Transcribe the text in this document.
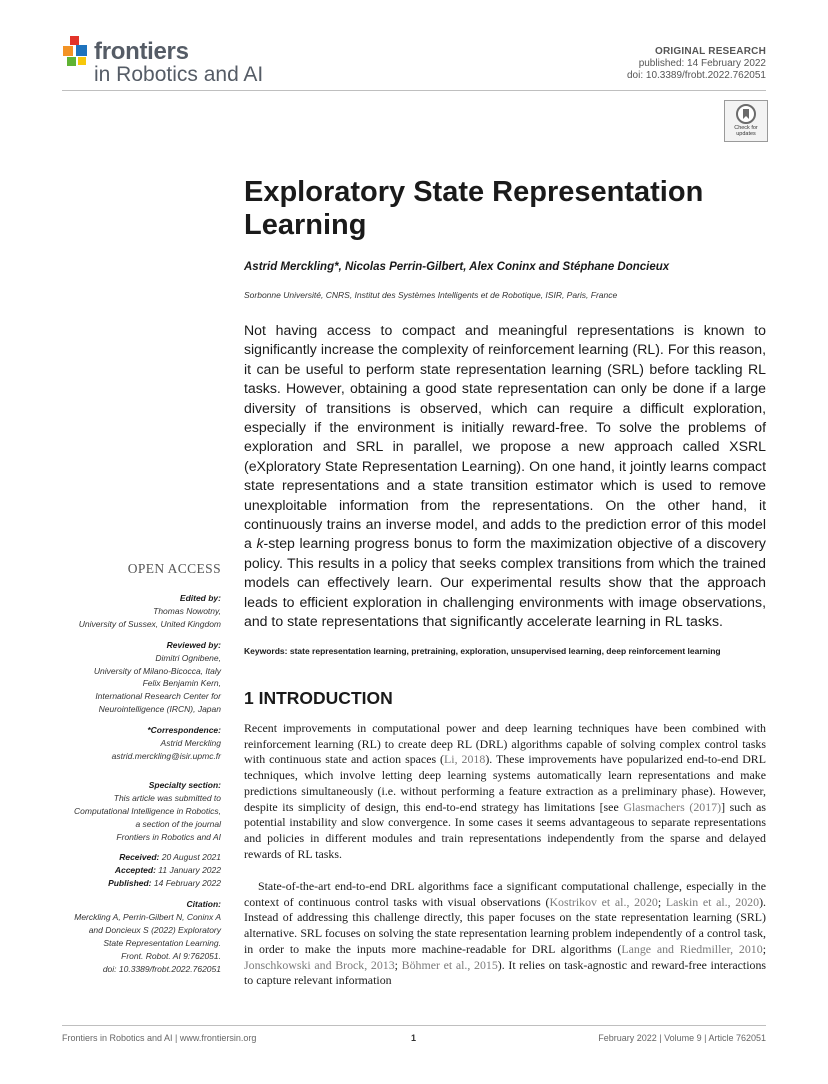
frontiers
in Robotics and AI
ORIGINAL RESEARCH
published: 14 February 2022
doi: 10.3389/frobt.2022.762051
Check for updates
Exploratory State Representation Learning
Astrid Merckling*, Nicolas Perrin-Gilbert, Alex Coninx and Stéphane Doncieux
Sorbonne Université, CNRS, Institut des Systèmes Intelligents et de Robotique, ISIR, Paris, France
Not having access to compact and meaningful representations is known to significantly increase the complexity of reinforcement learning (RL). For this reason, it can be useful to perform state representation learning (SRL) before tackling RL tasks. However, obtaining a good state representation can only be done if a large diversity of transitions is observed, which can require a difficult exploration, especially if the environment is initially reward-free. To solve the problems of exploration and SRL in parallel, we propose a new approach called XSRL (eXploratory State Representation Learning). On one hand, it jointly learns compact state representations and a state transition estimator which is used to remove unexploitable information from the representations. On the other hand, it continuously trains an inverse model, and adds to the prediction error of this model a k-step learning progress bonus to form the maximization objective of a discovery policy. This results in a policy that seeks complex transitions from which the trained models can effectively learn. Our experimental results show that the approach leads to efficient exploration in challenging environments with image observations, and to state representations that significantly accelerate learning in RL tasks.
Keywords: state representation learning, pretraining, exploration, unsupervised learning, deep reinforcement learning
1 INTRODUCTION
Recent improvements in computational power and deep learning techniques have been combined with reinforcement learning (RL) to create deep RL (DRL) algorithms capable of solving complex control tasks with continuous state and action spaces (Li, 2018). These improvements have popularized end-to-end DRL techniques, which involve letting deep learning systems automatically learn representations and make predictions simultaneously (i.e. without performing a feature extraction as a preliminary phase). However, despite its simplicity of design, this end-to-end strategy has limitations [see Glasmachers (2017)] such as potential instability and slow convergence. In some cases it seems advantageous to separate representations and policies in different modules and train representations independently from the sparse and delayed rewards of RL tasks.
State-of-the-art end-to-end DRL algorithms face a significant computational challenge, especially in the context of continuous control tasks with visual observations (Kostrikov et al., 2020; Laskin et al., 2020). Instead of addressing this challenge directly, this paper focuses on the state representation learning (SRL) alternative. SRL focuses on solving the state representation learning problem independently of a control task, in order to make the inputs more machine-readable for DRL algorithms (Lange and Riedmiller, 2010; Jonschkowski and Brock, 2013; Böhmer et al., 2015). It relies on task-agnostic and reward-free interactions to capture relevant information
OPEN ACCESS
Edited by:
Thomas Nowotny,
University of Sussex, United Kingdom
Reviewed by:
Dimitri Ognibene,
University of Milano-Bicocca, Italy
Felix Benjamin Kern,
International Research Center for
Neurointelligence (IRCN), Japan
*Correspondence:
Astrid Merckling
astrid.merckling@isir.upmc.fr
Specialty section:
This article was submitted to
Computational Intelligence in Robotics,
a section of the journal
Frontiers in Robotics and AI
Received: 20 August 2021
Accepted: 11 January 2022
Published: 14 February 2022
Citation:
Merckling A, Perrin-Gilbert N, Coninx A
and Doncieux S (2022) Exploratory
State Representation Learning.
Front. Robot. AI 9:762051.
doi: 10.3389/frobt.2022.762051
Frontiers in Robotics and AI | www.frontiersin.org	1	February 2022 | Volume 9 | Article 762051
